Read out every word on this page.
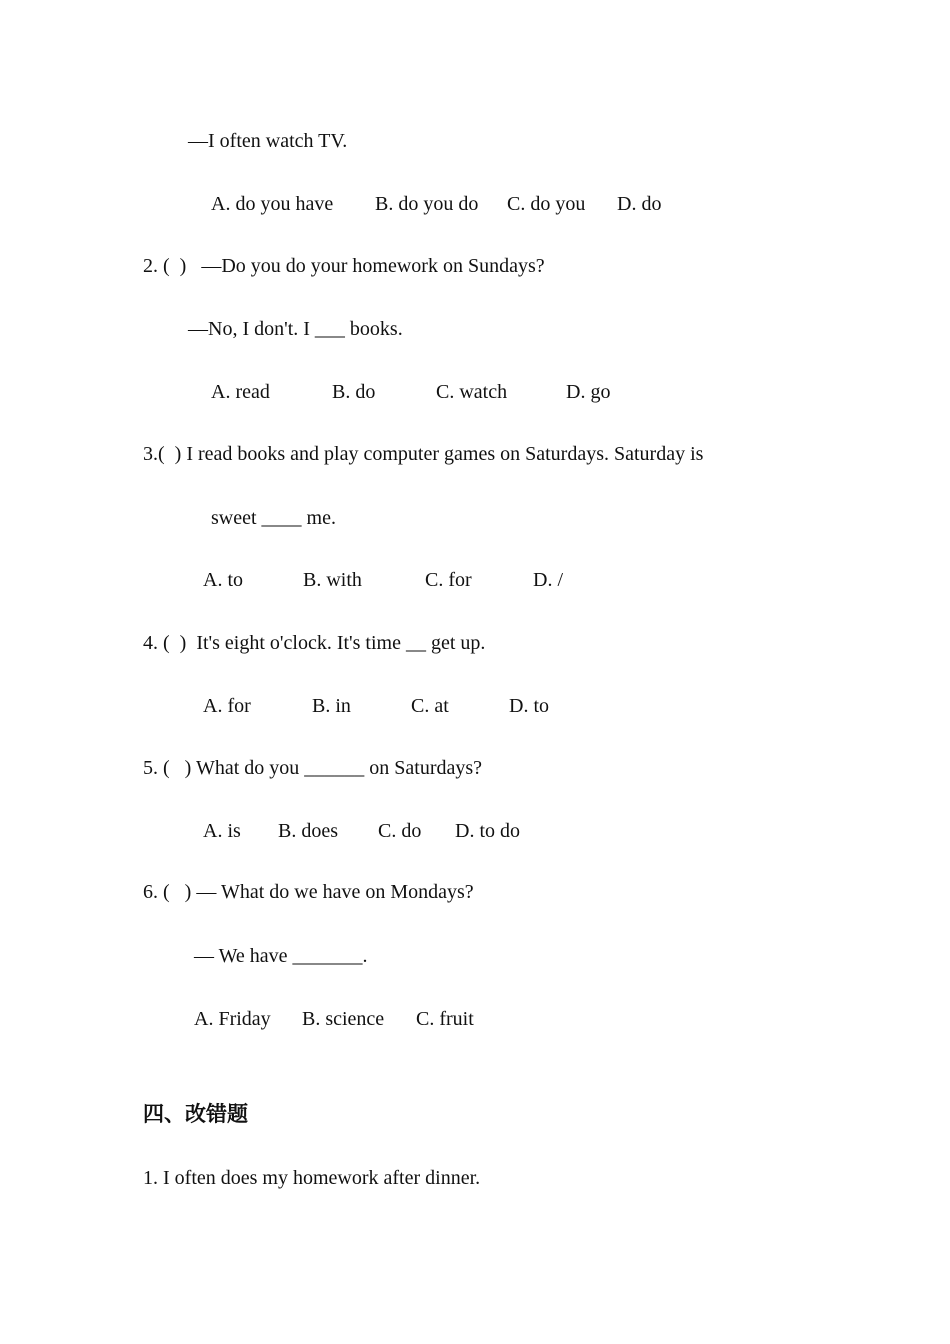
—I often watch TV.
A. do you have B. do you do C. do you D. do
2. (  )   —Do you do your homework on Sundays?
—No, I don't. I ___ books.
A. read	B. do	C. watch	D. go
3.(  ) I read books and play computer games on Saturdays. Saturday is
sweet ____ me.
A. to	B. with	C. for	D. /
4. (  )  It's eight o'clock. It's time __ get up.
A. for	B. in	C. at	D. to
5. (   ) What do you ______ on Saturdays?
A. is B. does C. do D. to do
6. (   ) — What do we have on Mondays?
— We have _______.
A. Friday B. science C. fruit
四、改错题
1. I often does my homework after dinner.
